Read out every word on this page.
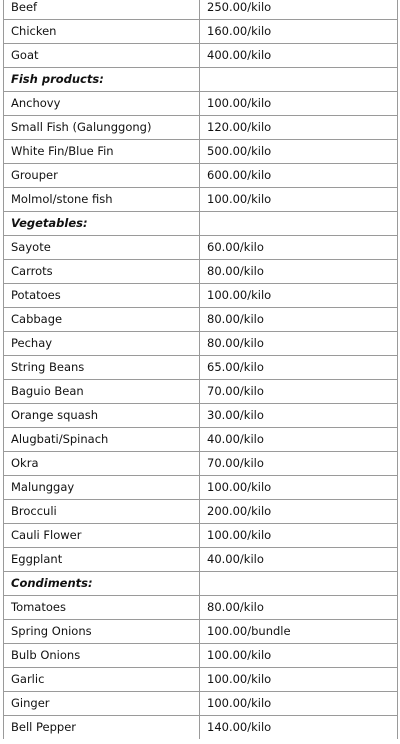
Beef	250.00/kilo
Chicken	160.00/kilo
Goat	400.00/kilo
Fish products:	
Anchovy	100.00/kilo
Small Fish (Galunggong)	120.00/kilo
White Fin/Blue Fin	500.00/kilo
Grouper	600.00/kilo
Molmol/stone fish	100.00/kilo
Vegetables:	
Sayote	60.00/kilo
Carrots	80.00/kilo
Potatoes	100.00/kilo
Cabbage	80.00/kilo
Pechay	80.00/kilo
String Beans	65.00/kilo
Baguio Bean	70.00/kilo
Orange squash	30.00/kilo
Alugbati/Spinach	40.00/kilo
Okra	70.00/kilo
Malunggay	100.00/kilo
Brocculi	200.00/kilo
Cauli Flower	100.00/kilo
Eggplant	40.00/kilo
Condiments:	
Tomatoes	80.00/kilo
Spring Onions	100.00/bundle
Bulb Onions	100.00/kilo
Garlic	100.00/kilo
Ginger	100.00/kilo
Bell Pepper	140.00/kilo
